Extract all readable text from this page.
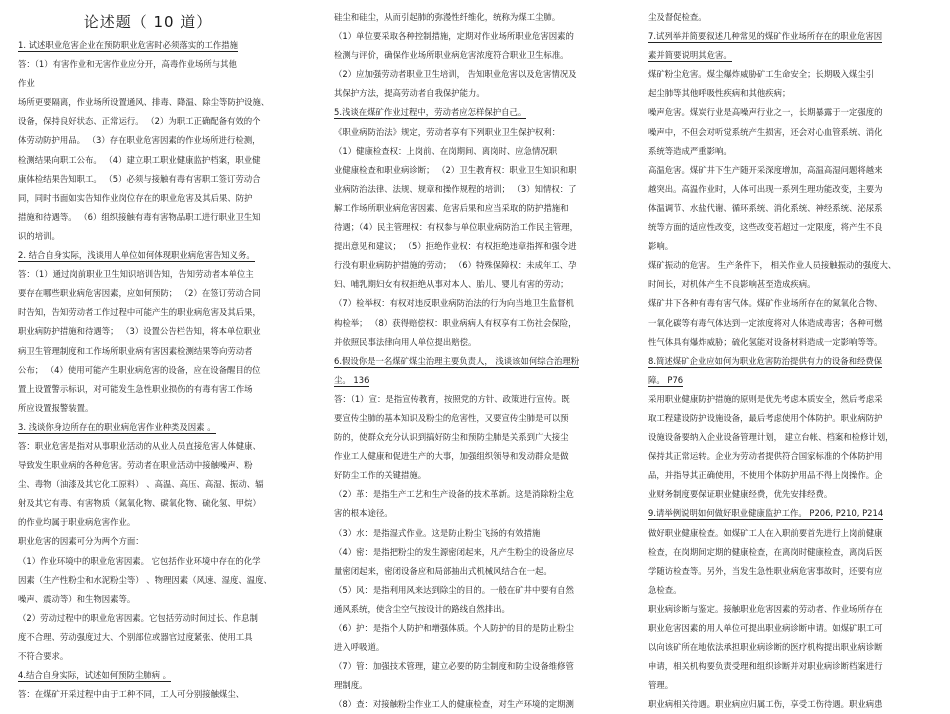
论述题（ 10 道）
1. 试述职业危害企业在预防职业危害时必须落实的工作措施
答：（1）有害作业和无害作业应分开，高毒作业场所与其他
作业
场所更要隔离，作业场所设置通风、排毒、降温、除尘等防护设施、
设备，保持良好状态、正常运行。 （2）为职工正确配备有效的个
体劳动防护用品。 （3）存在职业危害因素的作业场所进行检测，
检测结果向职工公布。 （4）建立职工职业健康监护档案，职业健
康体检结果告知职工。 （5）必须与接触有毒有害职工签订劳动合
同，同时书面如实告知作业岗位存在的职业危害及其后果、防护
措施和待遇等。 （6）组织接触有毒有害物品职工进行职业卫生知
识的培训。
2. 结合自身实际，浅谈用人单位如何体现职业病危害告知义务。
答：（1）通过岗前职业卫生知识培训告知，告知劳动者本单位主
要存在哪些职业病危害因素，应如何预防； （2）在签订劳动合同
时告知，告知劳动者工作过程中可能产生的职业病危害及其后果，
职业病防护措施和待遇等； （3）设置公告栏告知，将本单位职业
病卫生管理制度和工作场所职业病有害因素检测结果等向劳动者
公布； （4）使用可能产生职业病危害的设备，应在设备醒目的位
置上设置警示标识，对可能发生急性职业损伤的有毒有害工作场
所应设置报警装置。
3. 浅谈你身边所存在的职业病危害作业种类及因素 。
答：职业危害是指对从事职业活动的从业人员直接危害人体健康、
导致发生职业病的各种危害。劳动者在职业活动中接触噪声、粉
尘、毒物（油漆及其它化工原料） 、高温、高压、高湿、振动、辐
射及其它有毒、有害物质（氮氧化物、碳氧化物、硫化氢、甲烷）
的作业均属于职业病危害作业。
职业危害的因素可分为两个方面：
（1）作业环境中的职业危害因素。 它包括作业环境中存在的化学
因素（生产性粉尘和水泥粉尘等） 、物理因素（风速、湿度、温度、
噪声、震动等）和生物因素等。
（2）劳动过程中的职业危害因素。它包括劳动时间过长、作息制
度不合理、劳动强度过大、个别部位或器官过度紧张、使用工具
不符合要求。
4.结合自身实际，试述如何预防尘肺病 。
答：在煤矿开采过程中由于工种不同，工人可分别接触煤尘、
硅尘和硅尘，从而引起肺的弥漫性纤维化，统称为煤工尘肺。
（1）单位要采取各种控制措施，定期对作业场所职业危害因素的
检测与评价，确保作业场所职业病危害浓度符合职业卫生标准。
（2）应加强劳动者职业卫生培训， 告知职业危害以及危害情况及
其保护方法，提高劳动者自我保护能力。
5.浅谈在煤矿作业过程中，劳动者应怎样保护自己。
《职业病防治法》规定，劳动者享有下列职业卫生保护权利：
（1）健康检查权：上岗前、在岗期间、离岗时、应急情况职
业健康检查和职业病诊断； （2）卫生教育权：职业卫生知识和职
业病防治法律、法规、规章和操作规程的培训； （3）知情权：了
解工作场所职业病危害因素、危害后果和应当采取的防护措施和
待遇；（4）民主管理权：有权参与单位职业病防治工作民主管理，
提出意见和建议； （5）拒绝作业权：有权拒绝违章指挥和强令进
行没有职业病防护措施的劳动； （6）特殊保障权：未成年工、孕
妇、哺乳期妇女有权拒绝从事对本人、胎儿、婴儿有害的劳动；
（7）检举权：有权对违反职业病防治法的行为向当地卫生监督机
构检举； （8）获得赔偿权：职业病病人有权享有工伤社会保险，
并依照民事法律向用人单位提出赔偿。
6.假设你是一名煤矿煤尘治理主要负责人， 浅谈该如何综合治理粉
尘。 136
答：（1）宣：是指宣传教育，按照党的方针、政策进行宣传。既
要宣传尘肺的基本知识及粉尘的危害性，又要宣传尘肺是可以预
防的，使群众充分认识到搞好防尘和预防尘肺是关系到广大接尘
作业工人健康和促进生产的大事，加强组织领导和发动群众是做
好防尘工作的关键措施。
（2）革：是指生产工艺和生产设备的技术革新。这是消除粉尘危
害的根本途径。
（3）水：是指湿式作业。这是防止粉尘飞扬的有效措施
（4）密：是指把粉尘的发生源密闭起来，凡产生粉尘的设备应尽
量密闭起来，密闭设备应和局部抽出式机械风结合在一起。
（5）风：是指利用风来达到除尘的目的。一般在矿井中要有自然
通风系统，使含尘空气按设计的路线自然排出。
（6）护：是指个人防护和增强体质。个人防护的目的是防止粉尘
进入呼吸道。
（7）管：加强技术管理，建立必要的防尘制度和防尘设备维修管
理制度。
（8）查：对接触粉尘作业工人的健康检查，对生产环境的定期测
尘及督促检查。
7.试列举并简要叙述几种常见的煤矿作业场所存在的职业危害因
素并简要说明其危害。
煤矿粉尘危害。煤尘爆炸威胁矿工生命安全；长期吸入煤尘引
起尘肺等其他呼吸性疾病和其他疾病；
噪声危害。煤炭行业是高噪声行业之一，长期暴露于一定强度的
噪声中，不但会对听觉系统产生损害，还会对心血管系统、消化
系统等造成严重影响。
高温危害。煤矿井下生产随开采深度增加，高温高湿问题将越来
越突出。高温作业时，人体可出现一系列生理功能改变，主要为
体温调节、水盐代谢、循环系统、消化系统、神经系统、泌尿系
统等方面的适应性改变，这些改变若超过一定限度，将产生不良
影响。
煤矿振动的危害。 生产条件下， 相关作业人员接触振动的强度大、
时间长，对机体产生不良影响甚至造成疾病。
煤矿井下各种有毒有害气体。煤矿作业场所存在的氮氧化合物、
一氧化碳等有毒气体达到一定浓度将对人体造成毒害；各种可燃
性气体具有爆炸威胁；硫化氢能对设备材料造成一定影响等等。
8.简述煤矿企业应如何为职业危害防治提供有力的设备和经费保
障。 P76
采用职业健康防护措施的原则是优先考虑本质安全，然后考虑采
取工程建设防护设施设备，最后考虑使用个体防护。职业病防护
设施设备要纳入企业设备管理计划， 建立台帐、档案和检修计划，
保持其正常运转。企业为劳动者提供符合国家标准的个体防护用
品，并指导其正确使用，不使用个体防护用品不得上岗操作。企
业财务制度要保证职业健康经费，优先安排经费。
9.请举例说明如何做好职业健康监护工作。 P206, P210, P214
做好职业健康检查。如煤矿工人在入职前要首先进行上岗前健康
检查，在岗期间定期的健康检查，在离岗时健康检查，离岗后医
学随访检查等。另外，当发生急性职业病危害事故时，还要有应
急检查。
职业病诊断与鉴定。接触职业危害因素的劳动者、作业场所存在
职业危害因素的用人单位可提出职业病诊断申请。如煤矿职工可
以向该矿所在地依法承担职业病诊断的医疗机构提出职业病诊断
申请，相关机构要负责受理和组织诊断并对职业病诊断档案进行
管理。
职业病相关待遇。职业病应归属工伤，享受工伤待遇。职业病患
